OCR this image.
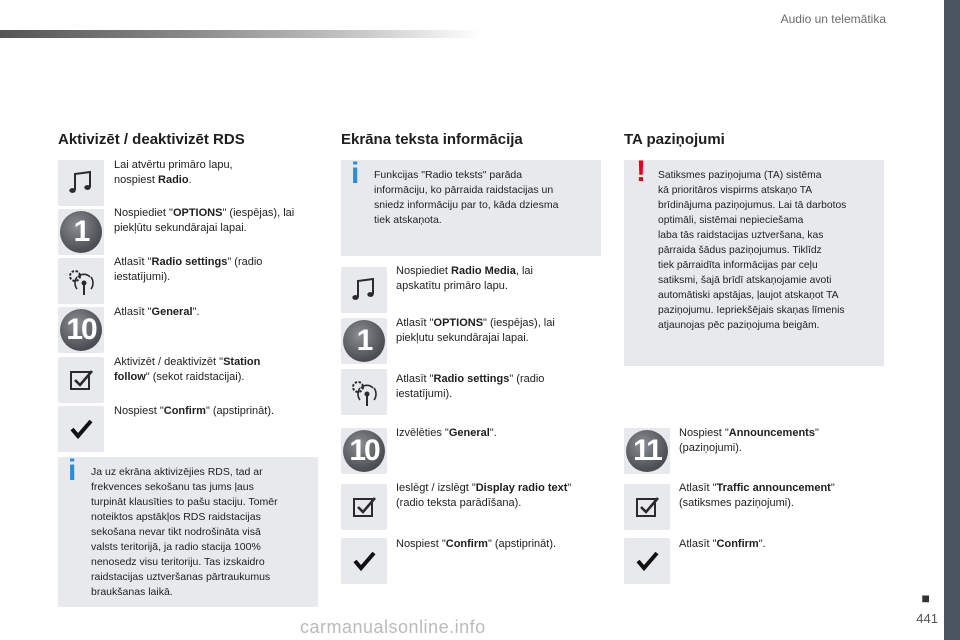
Audio un telemātika
Aktivizēt / deaktivizēt RDS
Lai atvērtu primāro lapu,
nospiest Radio.
1
Nospiediet "OPTIONS" (iespējas), lai
piekļūtu sekundārajai lapai.
Atlasīt "Radio settings" (radio
iestatījumi).
10
Atlasīt "General".
Aktivizēt / deaktivizēt "Station
follow" (sekot raidstacijai).
Nospiest "Confirm" (apstiprināt).
i Ja uz ekrāna aktivizējies RDS, tad ar
frekvences sekošanu tas jums ļaus
turpināt klausīties to pašu staciju. Tomēr
noteiktos apstākļos RDS raidstacijas
sekošana nevar tikt nodrošināta visā
valsts teritorijā, ja radio stacija 100%
nenosedz visu teritoriju. Tas izskaidro
raidstacijas uztveršanas pārtraukumus
braukšanas laikā.
Ekrāna teksta informācija
i Funkcijas "Radio teksts" parāda
informāciju, ko pārraida raidstacijas un
sniedz informāciju par to, kāda dziesma
tiek atskaņota.
Nospiediet Radio Media, lai
apskatītu primāro lapu.
1
Atlasīt "OPTIONS" (iespējas), lai
piekļutu sekundārajai lapai.
Atlasīt "Radio settings" (radio
iestatījumi).
10
Izvēlēties "General".
Ieslēgt / izslēgt "Display radio text"
(radio teksta parādīšana).
Nospiest "Confirm" (apstiprināt).
TA paziņojumi
! Satiksmes paziņojuma (TA) sistēma
kā prioritāros vispirms atskaņo TA
brīdinājuma paziņojumus. Lai tā darbotos
optimāli, sistēmai nepieciešama
laba tās raidstacijas uztveršana, kas
pārraida šādus paziņojumus. Tiklīdz
tiek pārraidīta informācijas par ceļu
satiksmi, šajā brīdī atskaņojamie avoti
automātiski apstājas, ļaujot atskaņot TA
paziņojumu. Iepriekšējais skaņas līmenis
atjaunojas pēc paziņojuma beigām.
11
Nospiest "Announcements"
(paziņojumi).
Atlasīt "Traffic announcement"
(satiksmes paziņojumi).
Atlasīt "Confirm".
■
441
carmanualsonline.info
